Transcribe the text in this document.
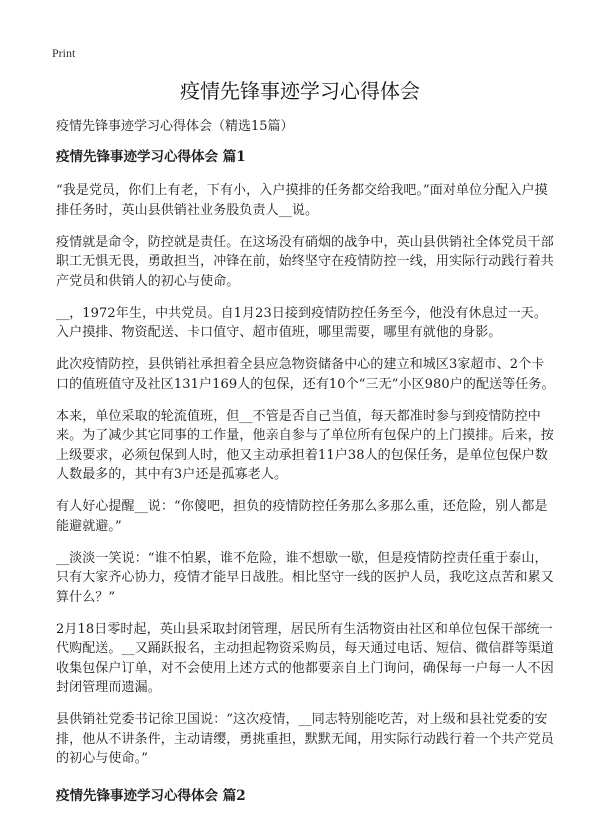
Print
疫情先锋事迹学习心得体会

疫情先锋事迹学习心得体会（精选15篇）

疫情先锋事迹学习心得体会 篇1

“我是党员，你们上有老，下有小，入户摸排的任务都交给我吧。”面对单位分配入户摸排任务时，英山县供销社业务股负责人__说。

疫情就是命令，防控就是责任。在这场没有硝烟的战争中，英山县供销社全体党员干部职工无惧无畏，勇敢担当，冲锋在前，始终坚守在疫情防控一线，用实际行动践行着共产党员和供销人的初心与使命。

__，1972年生，中共党员。自1月23日接到疫情防控任务至今，他没有休息过一天。入户摸排、物资配送、卡口值守、超市值班，哪里需要，哪里有就他的身影。

此次疫情防控，县供销社承担着全县应急物资储备中心的建立和城区3家超市、2个卡口的值班值守及社区131户169人的包保，还有10个“三无”小区980户的配送等任务。

本来，单位采取的轮流值班，但__不管是否自己当值，每天都准时参与到疫情防控中来。为了减少其它同事的工作量，他亲自参与了单位所有包保户的上门摸排。后来，按上级要求，必须包保到人时，他又主动承担着11户38人的包保任务，是单位包保户数人数最多的，其中有3户还是孤寡老人。

有人好心提醒__说：“你傻吧，担负的疫情防控任务那么多那么重，还危险，别人都是能避就避。”

__淡淡一笑说：“谁不怕累，谁不危险，谁不想歇一歇，但是疫情防控责任重于泰山，只有大家齐心协力，疫情才能早日战胜。相比坚守一线的医护人员，我吃这点苦和累又算什么？”

2月18日零时起，英山县采取封闭管理，居民所有生活物资由社区和单位包保干部统一代购配送。__又踊跃报名，主动担起物资采购员，每天通过电话、短信、微信群等渠道收集包保户订单，对不会使用上述方式的他都要亲自上门询问，确保每一户每一人不因封闭管理而遗漏。

县供销社党委书记徐卫国说：“这次疫情，__同志特别能吃苦，对上级和县社党委的安排，他从不讲条件，主动请缨，勇挑重担，默默无闻，用实际行动践行着一个共产党员的初心与使命。”

疫情先锋事迹学习心得体会 篇2
